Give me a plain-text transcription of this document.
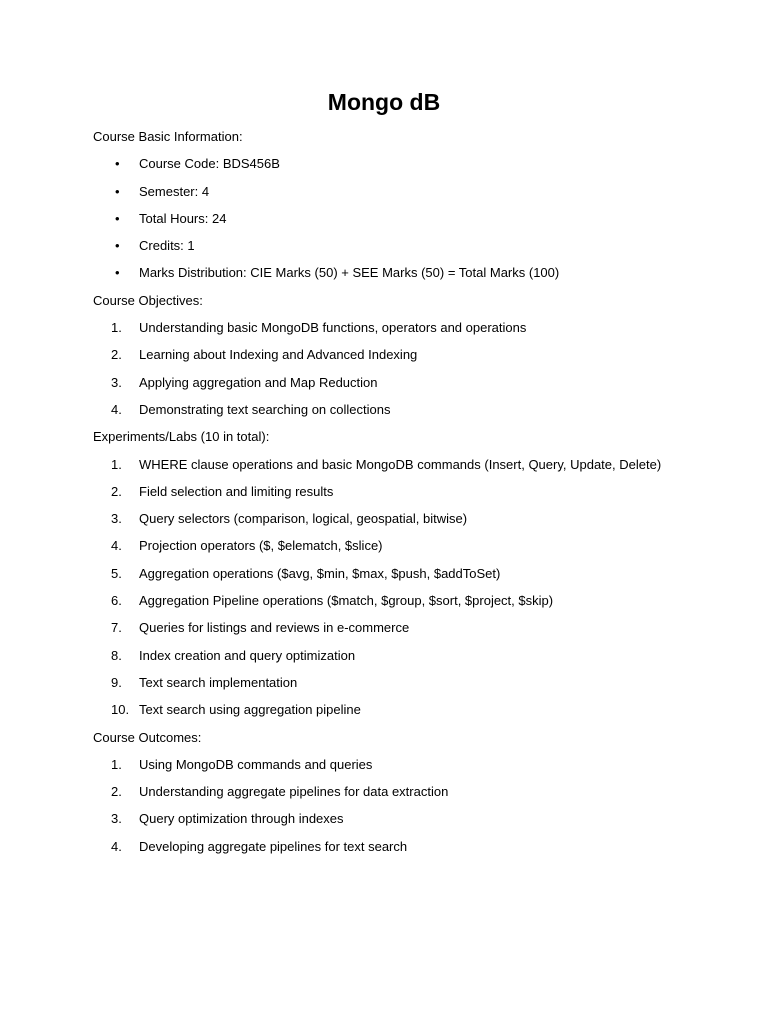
Mongo dB
Course Basic Information:
•	Course Code: BDS456B
•	Semester: 4
•	Total Hours: 24
•	Credits: 1
•	Marks Distribution: CIE Marks (50) + SEE Marks (50) = Total Marks (100)
Course Objectives:
1.	Understanding basic MongoDB functions, operators and operations
2.	Learning about Indexing and Advanced Indexing
3.	Applying aggregation and Map Reduction
4.	Demonstrating text searching on collections
Experiments/Labs (10 in total):
1.	WHERE clause operations and basic MongoDB commands (Insert, Query, Update, Delete)
2.	Field selection and limiting results
3.	Query selectors (comparison, logical, geospatial, bitwise)
4.	Projection operators ($, $elematch, $slice)
5.	Aggregation operations ($avg, $min, $max, $push, $addToSet)
6.	Aggregation Pipeline operations ($match, $group, $sort, $project, $skip)
7.	Queries for listings and reviews in e-commerce
8.	Index creation and query optimization
9.	Text search implementation
10. Text search using aggregation pipeline
Course Outcomes:
1.	Using MongoDB commands and queries
2.	Understanding aggregate pipelines for data extraction
3.	Query optimization through indexes
4.	Developing aggregate pipelines for text search
